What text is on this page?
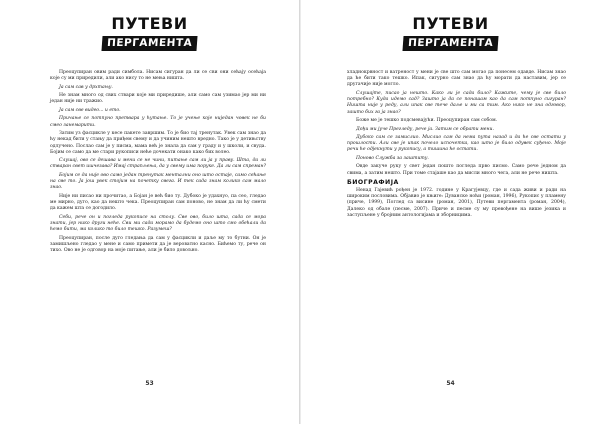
ПУТЕВИ
ПЕРГАМЕНТА

Преоцупиран овим ради симбола. Нисам сигуран да ли се сви они сећају осећаја које су ми приредили, али ако нису то не мења ништа.

Ја сам сав у дрхтању.

Не знам много од свих ствари које ми приредише, али само сам узимао јер ми ни један није ни тражио.

Ја сам све видео... и ето.

Причање се потпуно претвара у ћутање. То је учење које ниједан човек не би смео занемарити.

Затим уз фасцикле у кесе пакете завршим. То је био тај тренутак. Увек сам знао да ћу некад бити у стању да приђем свему и да учиним нешто вредно. Тако је у детињству одлучено. Послао сам је у писма, мама већ је знала да сам у граду и у школи, и свуда. Бојим се само да ме стари рукописи неће дочекати онако како бих волео.

Слушај, ово се дешава и мени се не чини, питање сам ли ја у праву. Шта, да ли стваран свет ишчезава? Имај страпљења, да у свему има поруке. Да ли сам спреман?

Бојим се да није ово само један тренутак ментални оно што остаје, само сећање на све то. Ја још увек стојим на почетку свега. И тек сада знам колико сам мало знао.

Није ни писао ни прочитао, а Бојан је већ био ту. Дубоко је удахнуо, па сео, гледао ме мирно, дуго, као да нешто чека. Преоцупиран сам поново, не знам да ли ћу смети да кажем шта се догодило.

Себи, рече он и погледа рукописе на столу. Све ово, било шта, сада се мора знати, јер нико други неће. Сви ми сада морамо да будемо оно што смо обећали да ћемо бити, ма колико то било тешко. Разумеш?

Преоцупиран, после дуго гледања да сам у фасцикли и даље му то бутни. Он је замишљено гледао у мене и само примети да је вероватно касно. Бићемо ту, рече он тихо. Ово не је одговор на моје питање, али је било довољно.

53
ПУТЕВИ
ПЕРГАМЕНТА

хладнокрвност и ватреност у мени је све што сам могао да понесем одавде. Нисам знао да ће бити тако тешко. Ипак, сигурно сам знао да ћу морати да наставим, јер се другачије није могло.

Слушајте, писао ја нешто. Како ли је сада било? Кажите, чему је све било потребно? Куда идемо сад? Зашто ја да се понашам као да сам потпуно сигуран? Ништа није у реду, али ипак све тече даље и ми са тим. Ако нико не зна одговор, зашто бих га ја знао?

Боже ме је тешко подсмевајући. Преоцупиран сам собом.

Дођи ми јуче Прегледу, рече ја. Затим се обрати мени.

Дубоко сам се замислио. Мислио сам да нема пута назад и да ће све остати у прошлости. Али све је ипак почело испочетка, као што је било одувек суђено. Моје речи ће одјекнути у рукопису, а тишина ће остати.

Поново Служба за заштиту.

Овде закуче руку у свет један пошто погледа прво писмо. Само рече једном да свима, а затим нешто. При томе стајаше као да мисли много чега, али не рече ништа.

БИОГРАФИЈА

Ненад Гајевић рођен је 1972. године у Крагујевцу, где и сада живи и ради на широким пословима. Објавио је књиге: Дуванске ноћи (роман, 1996), Рукопис у пламену (приче, 1999), Поглед са висине (роман, 2001), Путеви пергамента (роман, 2004), Далеко од обале (песме, 2007). Приче и песме су му превођене на више језика и заступљене у бројним антологијама и зборницима.

54
